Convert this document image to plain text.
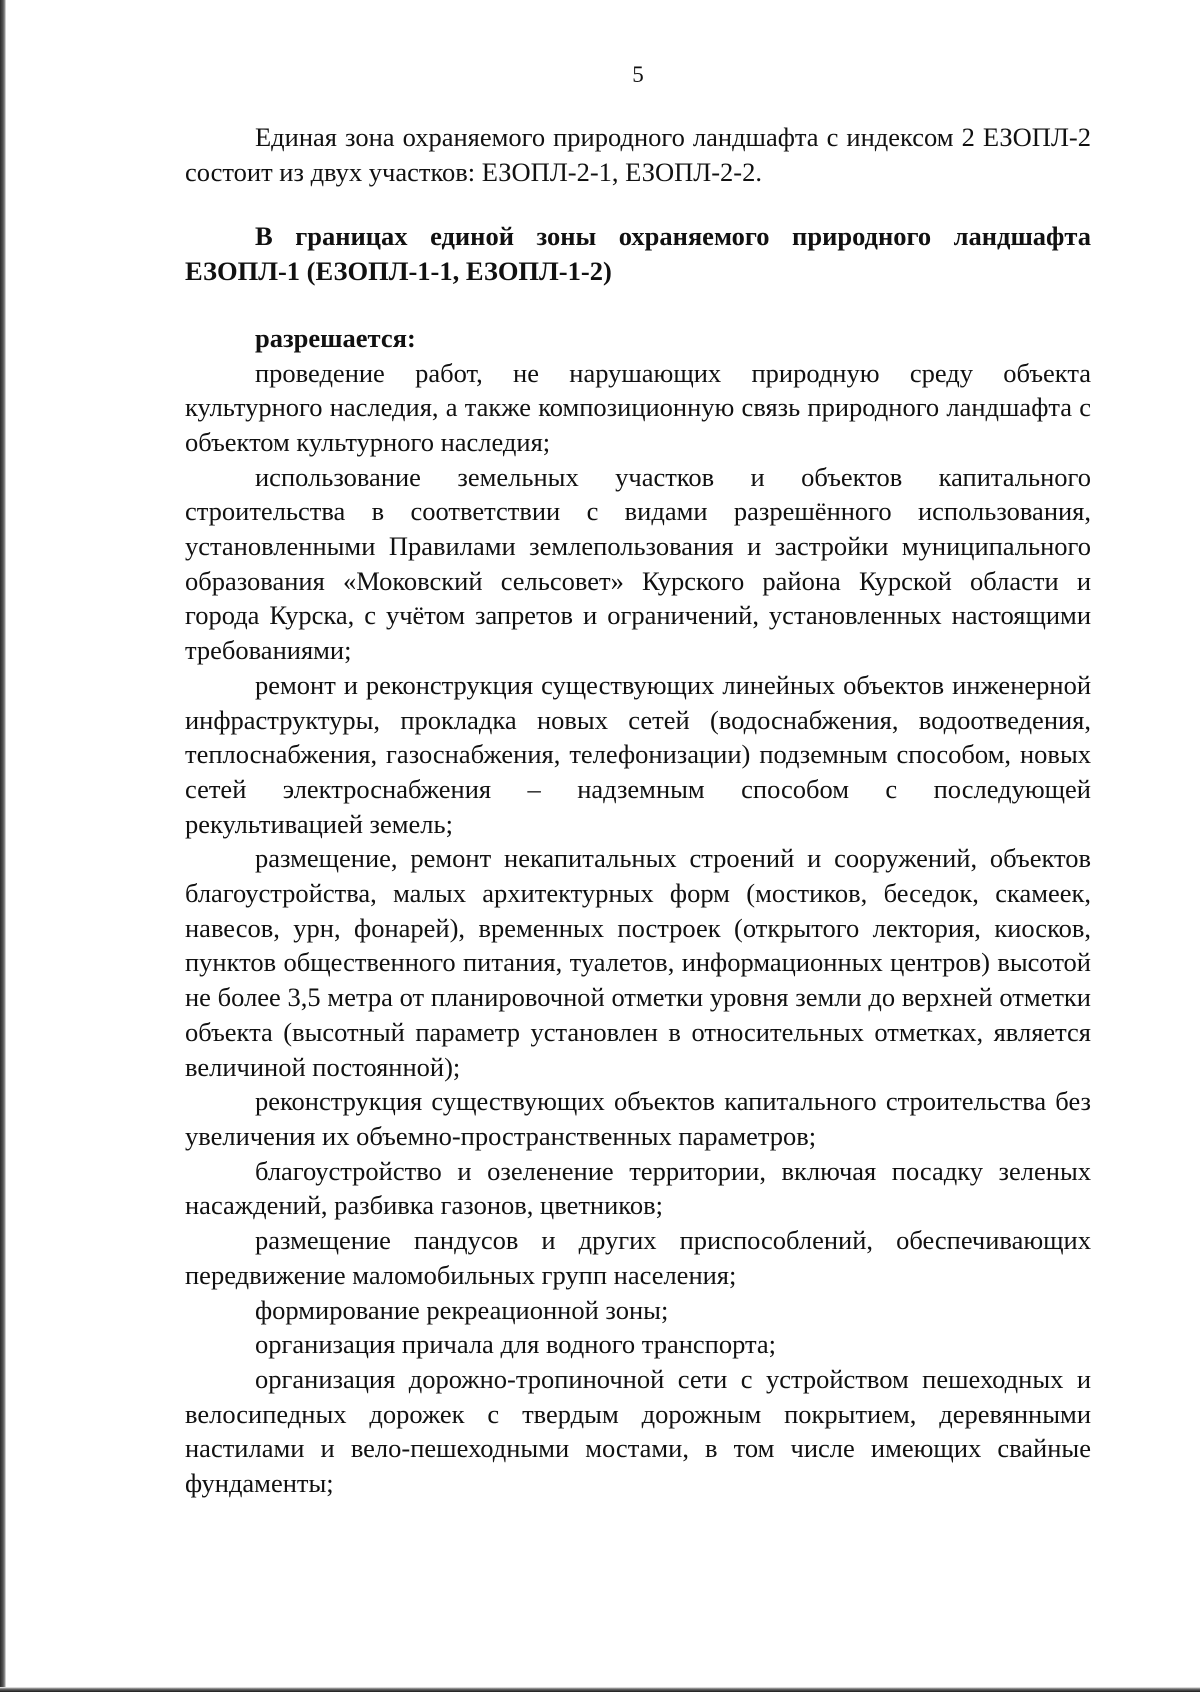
5

Единая зона охраняемого природного ландшафта с индексом 2 ЕЗОПЛ-2 состоит из двух участков: ЕЗОПЛ-2-1, ЕЗОПЛ-2-2.

В границах единой зоны охраняемого природного ландшафта ЕЗОПЛ-1 (ЕЗОПЛ-1-1, ЕЗОПЛ-1-2)

разрешается:

проведение работ, не нарушающих природную среду объекта культурного наследия, а также композиционную связь природного ландшафта с объектом культурного наследия;

использование земельных участков и объектов капитального строительства в соответствии с видами разрешённого использования, установленными Правилами землепользования и застройки муниципального образования «Моковский сельсовет» Курского района Курской области и города Курска, с учётом запретов и ограничений, установленных настоящими требованиями;

ремонт и реконструкция существующих линейных объектов инженерной инфраструктуры, прокладка новых сетей (водоснабжения, водоотведения, теплоснабжения, газоснабжения, телефонизации) подземным способом, новых сетей электроснабжения – надземным способом с последующей рекультивацией земель;

размещение, ремонт некапитальных строений и сооружений, объектов благоустройства, малых архитектурных форм (мостиков, беседок, скамеек, навесов, урн, фонарей), временных построек (открытого лектория, киосков, пунктов общественного питания, туалетов, информационных центров) высотой не более 3,5 метра от планировочной отметки уровня земли до верхней отметки объекта (высотный параметр установлен в относительных отметках, является величиной постоянной);

реконструкция существующих объектов капитального строительства без увеличения их объемно-пространственных параметров;

благоустройство и озеленение территории, включая посадку зеленых насаждений, разбивка газонов, цветников;

размещение пандусов и других приспособлений, обеспечивающих передвижение маломобильных групп населения;

формирование рекреационной зоны;

организация причала для водного транспорта;

организация дорожно-тропиночной сети с устройством пешеходных и велосипедных дорожек с твердым дорожным покрытием, деревянными настилами и вело-пешеходными мостами, в том числе имеющих свайные фундаменты;
